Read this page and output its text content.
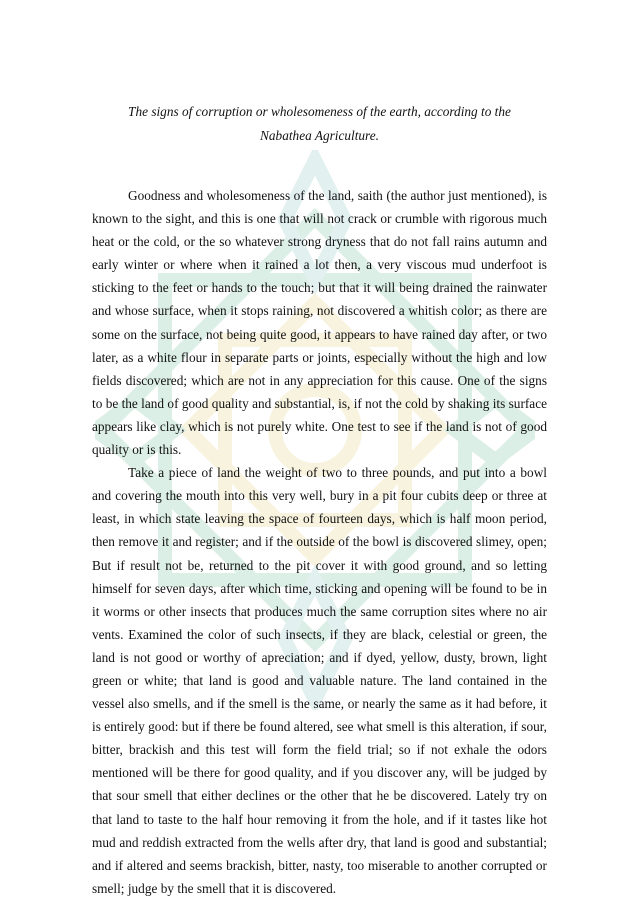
The signs of corruption or wholesomeness of the earth, according to the
Nabathea Agriculture.

Goodness and wholesomeness of the land, saith (the author just mentioned), is known to the sight, and this is one that will not crack or crumble with rigorous much heat or the cold, or the so whatever strong dryness that do not fall rains autumn and early winter or where when it rained a lot then, a very viscous mud underfoot is sticking to the feet or hands to the touch; but that it will being drained the rainwater and whose surface, when it stops raining, not discovered a whitish color; as there are some on the surface, not being quite good, it appears to have rained day after, or two later, as a white flour in separate parts or joints, especially without the high and low fields discovered; which are not in any appreciation for this cause. One of the signs to be the land of good quality and substantial, is, if not the cold by shaking its surface appears like clay, which is not purely white. One test to see if the land is not of good quality or is this.

Take a piece of land the weight of two to three pounds, and put into a bowl and covering the mouth into this very well, bury in a pit four cubits deep or three at least, in which state leaving the space of fourteen days, which is half moon period, then remove it and register; and if the outside of the bowl is discovered slimey, open; But if result not be, returned to the pit cover it with good ground, and so letting himself for seven days, after which time, sticking and opening will be found to be in it worms or other insects that produces much the same corruption sites where no air vents. Examined the color of such insects, if they are black, celestial or green, the land is not good or worthy of apreciation; and if dyed, yellow, dusty, brown, light green or white; that land is good and valuable nature. The land contained in the vessel also smells, and if the smell is the same, or nearly the same as it had before, it is entirely good: but if there be found altered, see what smell is this alteration, if sour, bitter, brackish and this test will form the field trial; so if not exhale the odors mentioned will be there for good quality, and if you discover any, will be judged by that sour smell that either declines or the other that he be discovered. Lately try on that land to taste to the half hour removing it from the hole, and if it tastes like hot mud and reddish extracted from the wells after dry, that land is good and substantial; and if altered and seems brackish, bitter, nasty, too miserable to another corrupted or smell; judge by the smell that it is discovered.
